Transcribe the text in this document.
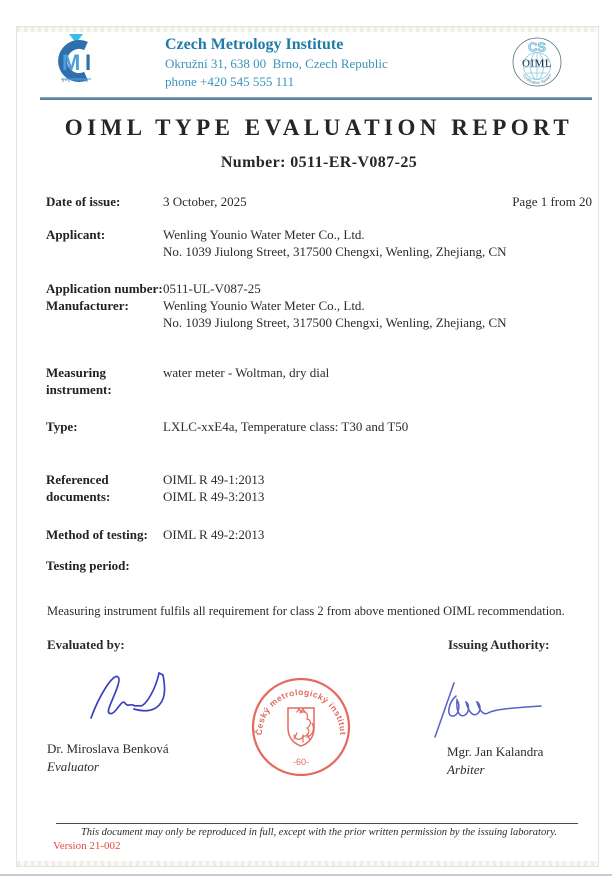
M I
Czech Metrology Institute
Okružní 31, 638 00  Brno, Czech Republic
phone +420 545 555 111
CS
OIML
Certification System
OIML TYPE EVALUATION REPORT
Number: 0511-ER-V087-25
Date of issue:	3 October, 2025	Page 1 from 20
Applicant:	Wenling Younio Water Meter Co., Ltd.
No. 1039 Jiulong Street, 317500 Chengxi, Wenling, Zhejiang, CN
Application number: 0511-UL-V087-25
Manufacturer:	Wenling Younio Water Meter Co., Ltd.
No. 1039 Jiulong Street, 317500 Chengxi, Wenling, Zhejiang, CN
Measuring instrument:
water meter - Woltman, dry dial
Type:	LXLC-xxE4a, Temperature class: T30 and T50
Referenced documents:
OIML R 49-1:2013
OIML R 49-3:2013
Method of testing:	OIML R 49-2:2013
Testing period:
Measuring instrument fulfils all requirement for class 2 from above mentioned OIML recommendation.
Evaluated by:	Issuing Authority:
Český metrologický institut
-60-
Dr. Miroslava Benková
Evaluator
Mgr. Jan Kalandra
Arbiter
This document may only be reproduced in full, except with the prior written permission by the issuing laboratory.
Version 21-002
